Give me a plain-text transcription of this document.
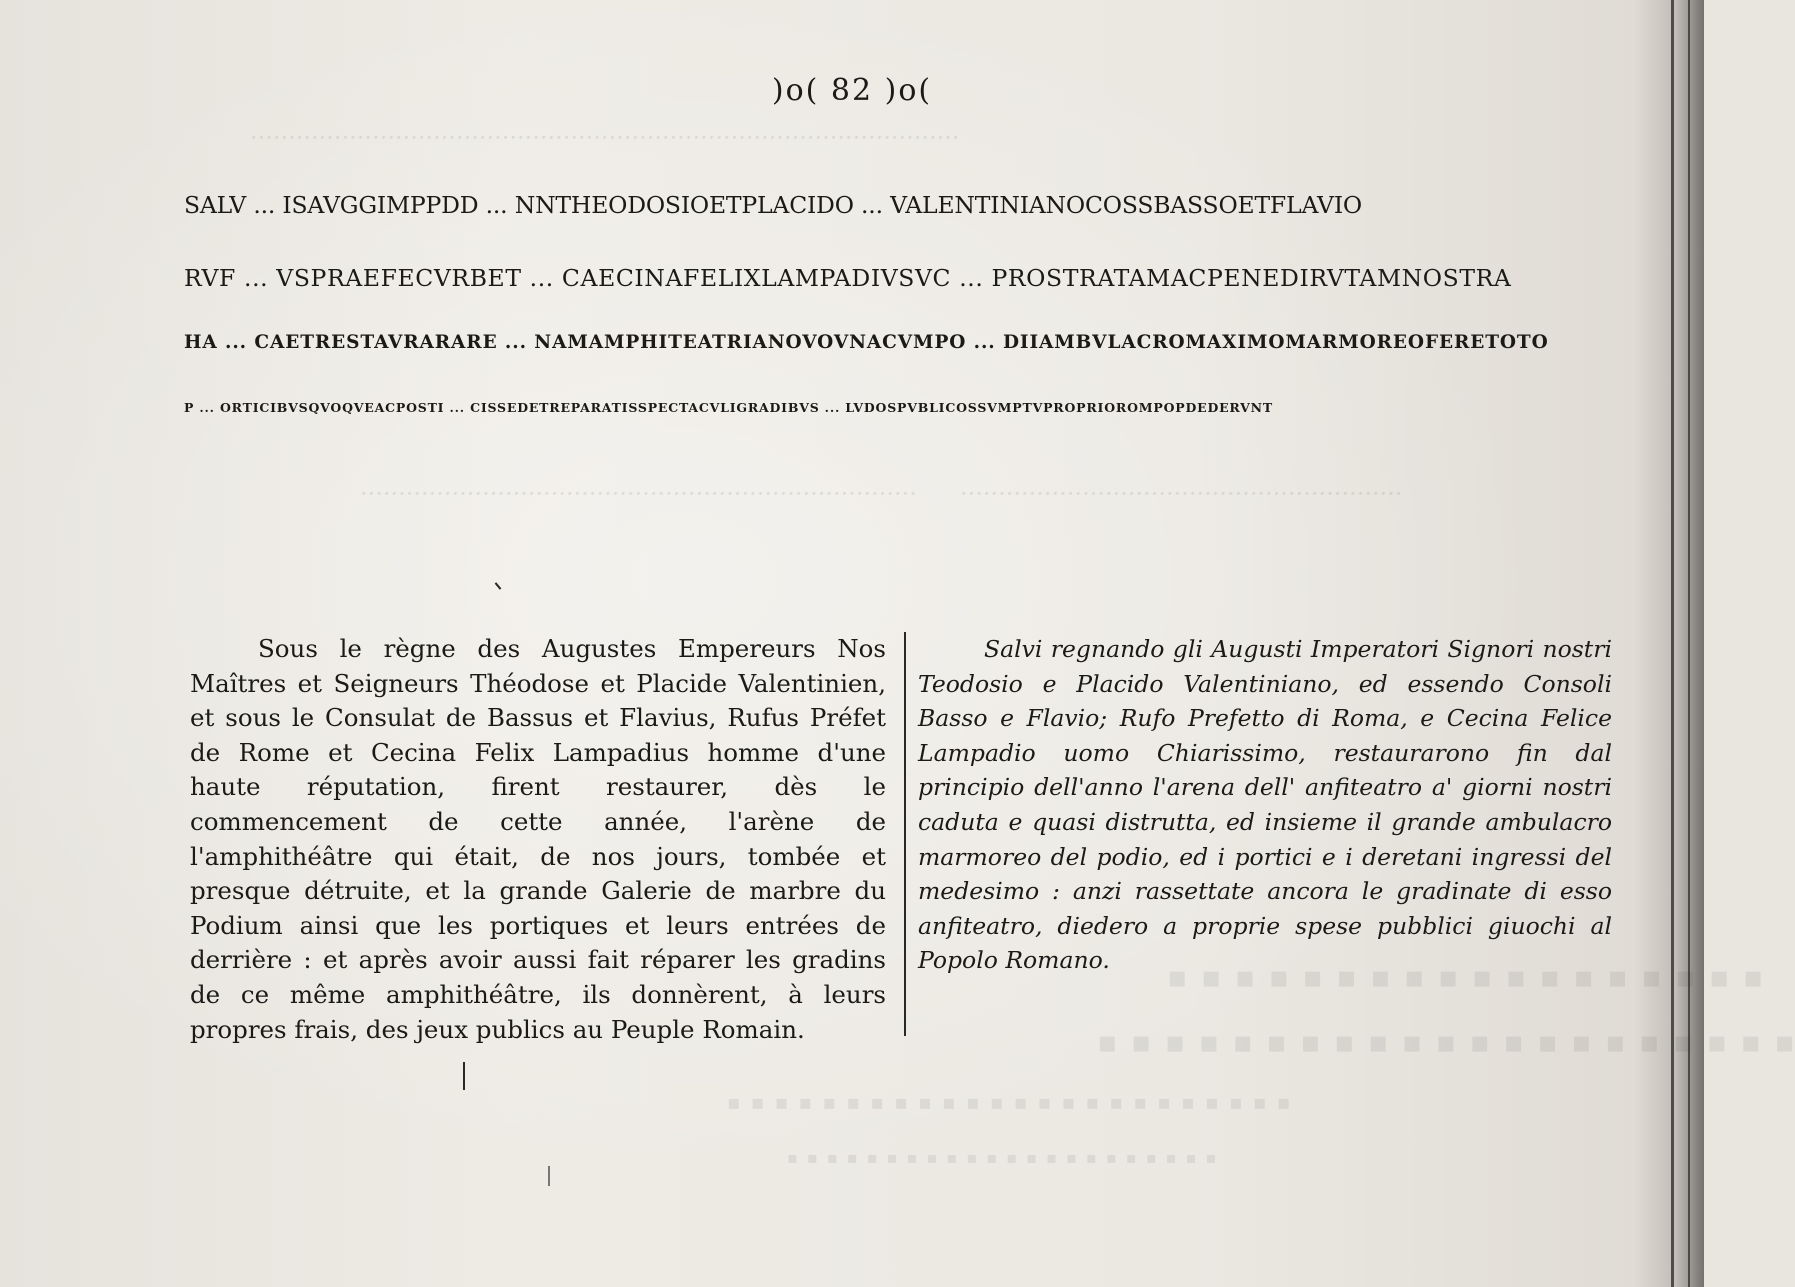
·····························································································
········································································· ··························································
▪ ▪ ▪ ▪ ▪ ▪ ▪ ▪ ▪ ▪ ▪ ▪ ▪ ▪ ▪ ▪ ▪ ▪
▪ ▪ ▪ ▪ ▪ ▪ ▪ ▪ ▪ ▪ ▪ ▪ ▪ ▪ ▪ ▪ ▪ ▪ ▪ ▪ ▪
▪ ▪ ▪ ▪ ▪ ▪ ▪ ▪ ▪ ▪ ▪ ▪ ▪ ▪ ▪ ▪ ▪ ▪ ▪ ▪ ▪ ▪ ▪ ▪
▪ ▪ ▪ ▪ ▪ ▪ ▪ ▪ ▪ ▪ ▪ ▪ ▪ ▪ ▪ ▪ ▪ ▪ ▪ ▪ ▪ ▪
)o( 82 )o(
SALV ... ISAVGGIMPPDD ... NNTHEODOSIOETPLACIDO ... VALENTINIANOCOSSBASSOETFLAVIO
RVF ... VSPRAEFECVRBET ... CAECINAFELIXLAMPADIVSVC ... PROSTRATAMACPENEDIRVTAMNOSTRA
HA ... CAETRESTAVRARARE ... NAMAMPHITEATRIANOVOVNACVMPO ... DIIAMBVLACROMAXIMOMARMOREOFERETOTO
P ... ORTICIBVSQVOQVEACPOSTI ... CISSEDETREPARATISSPECTACVLIGRADIBVS ... LVDOSPVBLICOSSVMPTVPROPRIOROMPOPDEDERVNT
Sous le règne des Augustes Empereurs Nos Maîtres et Seigneurs Théodose et Placide Valentinien, et sous le Consulat de Bassus et Flavius, Rufus Préfet de Rome et Cecina Felix Lampadius homme d'une haute réputation, firent restaurer, dès le commencement de cette année, l'arène de l'amphithéâtre qui était, de nos jours, tombée et presque détruite, et la grande Galerie de marbre du Podium ainsi que les portiques et leurs entrées de derrière : et après avoir aussi fait réparer les gradins de ce même amphithéâtre, ils donnèrent, à leurs propres frais, des jeux publics au Peuple Romain.
Salvi regnando gli Augusti Imperatori Signori nostri Teodosio e Placido Valentiniano, ed essendo Consoli Basso e Flavio; Rufo Prefetto di Roma, e Cecina Felice Lampadio uomo Chiarissimo, restaurarono fin dal principio dell'anno l'arena dell' anfiteatro a' giorni nostri caduta e quasi distrutta, ed insieme il grande ambulacro marmoreo del podio, ed i portici e i deretani ingressi del medesimo : anzi rassettate ancora le gradinate di esso anfiteatro, diedero a proprie spese pubblici giuochi al Popolo Romano.
